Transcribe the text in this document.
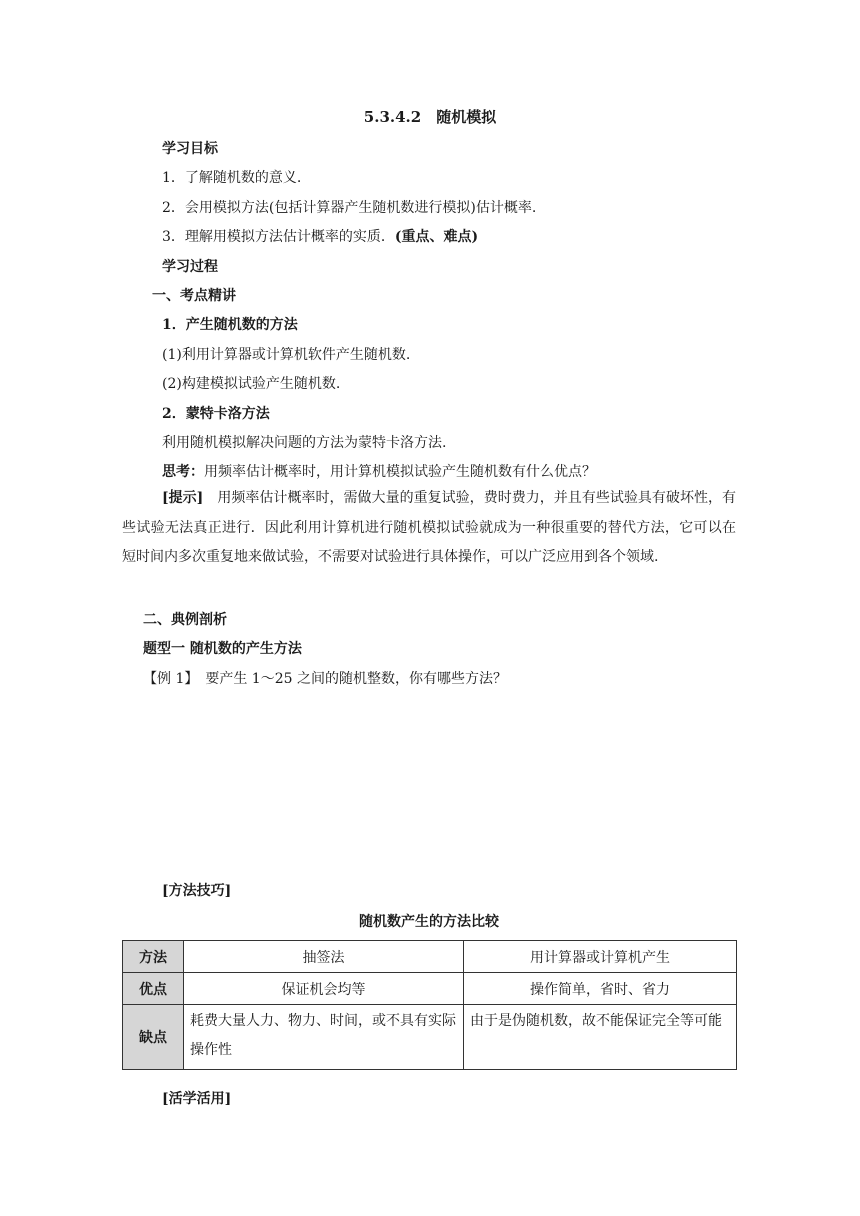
5.3.4.2　随机模拟
学习目标
1．了解随机数的意义.
2．会用模拟方法(包括计算器产生随机数进行模拟)估计概率.
3．理解用模拟方法估计概率的实质．(重点、难点)
学习过程
一、考点精讲
1．产生随机数的方法
(1)利用计算器或计算机软件产生随机数.
(2)构建模拟试验产生随机数.
2．蒙特卡洛方法
利用随机模拟解决问题的方法为蒙特卡洛方法.
思考：用频率估计概率时，用计算机模拟试验产生随机数有什么优点？
[提示]　用频率估计概率时，需做大量的重复试验，费时费力，并且有些试验具有破坏性，有些试验无法真正进行．因此利用计算机进行随机模拟试验就成为一种很重要的替代方法，它可以在短时间内多次重复地来做试验，不需要对试验进行具体操作，可以广泛应用到各个领域.
二、典例剖析
题型一 随机数的产生方法
【例 1】　要产生 1～25 之间的随机整数，你有哪些方法？
[方法技巧]
随机数产生的方法比较
方法	抽签法	用计算器或计算机产生
优点	保证机会均等	操作简单，省时、省力
缺点	耗费大量人力、物力、时间，或不具有实际操作性	由于是伪随机数，故不能保证完全等可能
[活学活用]
